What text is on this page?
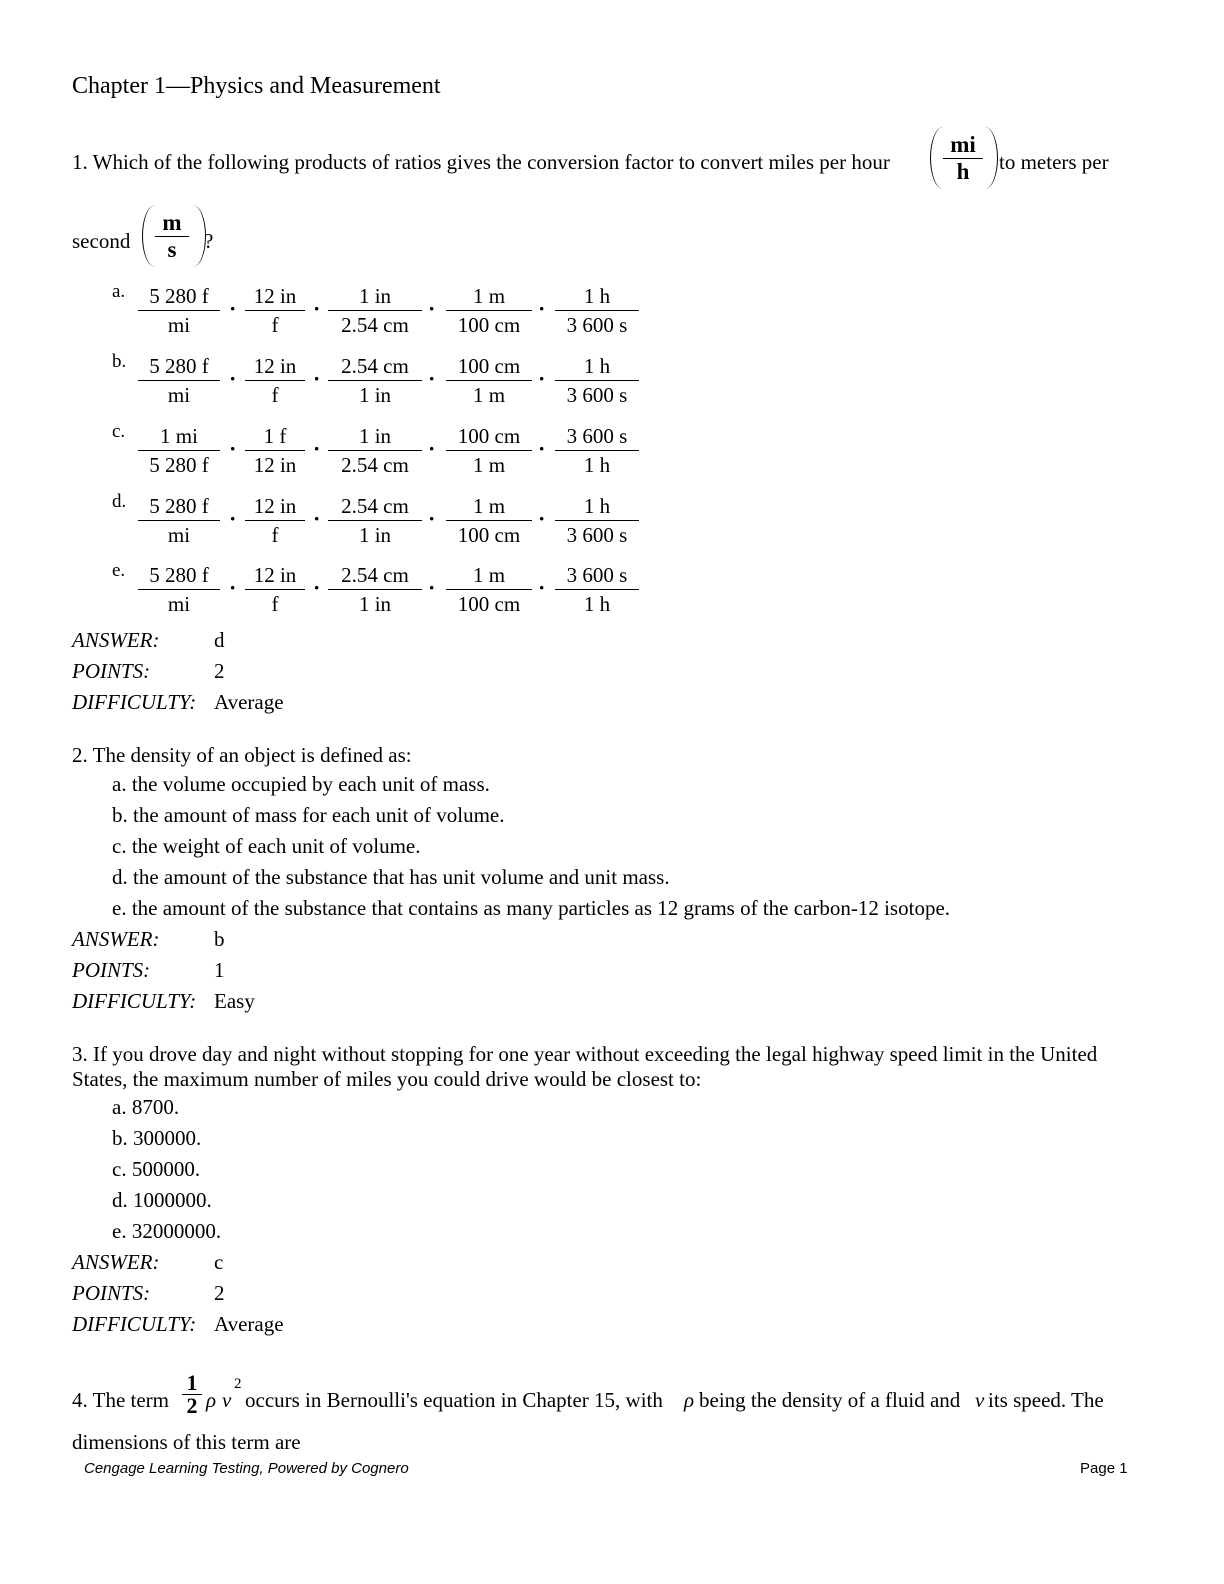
Chapter 1—Physics and Measurement
1. Which of the following products of ratios gives the conversion factor to convert miles per hour $\frac{mi}{h}$ to meters per
second $\frac{m}{s}$ ?
a. $\frac{5 280 f}{mi} \frac{12 in}{f} \frac{1 in}{2.54 cm} \frac{1 m}{100 cm} \frac{1 h}{3 600 s}$
·	·	·	·
b. $\frac{5 280 f}{mi} \frac{12 in}{f} \frac{2.54 cm}{1 in} \frac{100 cm}{1 m} \frac{1 h}{3 600 s}$
·	·	·	·
c. $\frac{1 mi}{5 280 f} \frac{1 f}{12 in} \frac{1 in}{2.54 cm} \frac{100 cm}{1 m} \frac{3 600 s}{1 h}$
·	·	·	·
d. $\frac{5 280 f}{mi} \frac{12 in}{f} \frac{2.54 cm}{1 in} \frac{1 m}{100 cm} \frac{1 h}{3 600 s}$
·	·	·	·
e. $\frac{5 280 f}{mi} \frac{12 in}{f} \frac{2.54 cm}{1 in} \frac{1 m}{100 cm} \frac{3 600 s}{1 h}$
·	·	·	·
ANSWER:	d
POINTS:	2
DIFFICULTY: Average
2. The density of an object is defined as:
a. the volume occupied by each unit of mass.
b. the amount of mass for each unit of volume.
c. the weight of each unit of volume.
d. the amount of the substance that has unit volume and unit mass.
e. the amount of the substance that contains as many particles as 12 grams of the carbon-12 isotope.
ANSWER:	b
POINTS:	1
DIFFICULTY: Easy
3. If you drove day and night without stopping for one year without exceeding the legal highway speed limit in the United
States, the maximum number of miles you could drive would be closest to:
a. 8700.
b. 300000.
c. 500000.
d. 1000000.
e. 32000000.
ANSWER:	c
POINTS:	2
DIFFICULTY: Average
4. The term $\frac{1}{2}$ ρ v
2
occurs in Bernoulli's equation in Chapter 15, with ρ being the density of a fluid and v its speed. The
dimensions of this term are
Cengage Learning Testing, Powered by Cognero	Page 1
